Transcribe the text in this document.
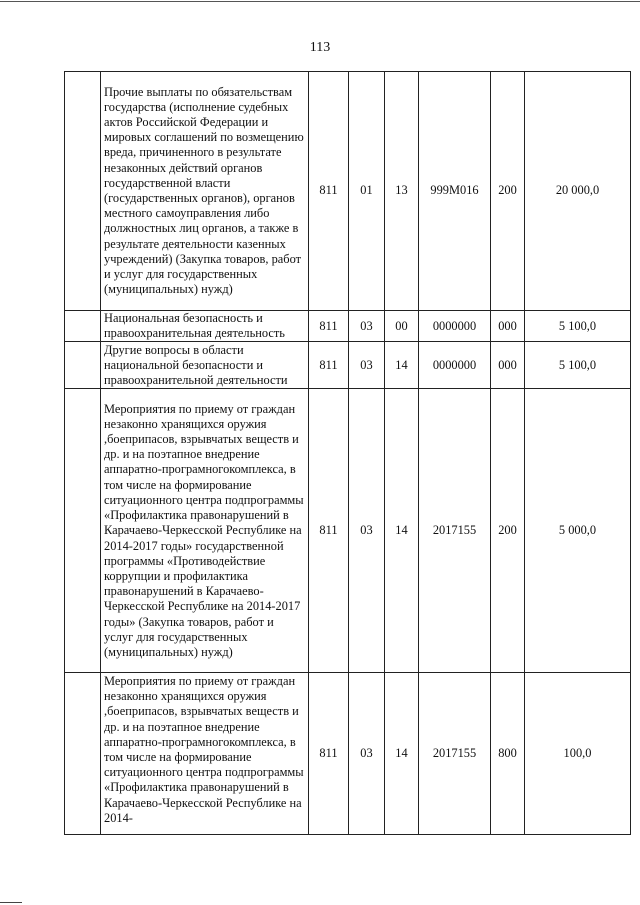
113
	Прочие выплаты по обязательствам государства (исполнение судебных актов Российской Федерации и мировых соглашений по возмещению вреда, причиненного в результате незаконных действий органов государственной власти (государственных органов), органов местного самоуправления либо должностных лиц органов, а также в результате деятельности казенных учреждений) (Закупка товаров, работ и услуг для государственных (муниципальных) нужд)	811	01	13	999М016	200	20 000,0
	Национальная безопасность и правоохранительная деятельность	811	03	00	0000000	000	5 100,0
	Другие вопросы в области национальной безопасности и правоохранительной деятельности	811	03	14	0000000	000	5 100,0
	Мероприятия по приему от граждан незаконно хранящихся оружия ,боеприпасов, взрывчатых веществ и др. и на поэтапное внедрение аппаратно-програмногокомплекса, в том числе на формирование ситуационного центра подпрограммы «Профилактика правонарушений в Карачаево-Черкесской Республике на 2014-2017 годы» государственной программы «Противодействие коррупции и профилактика правонарушений в Карачаево-Черкесской Республике на 2014-2017 годы» (Закупка товаров, работ и услуг для государственных (муниципальных) нужд)	811	03	14	2017155	200	5 000,0

	Мероприятия по приему от граждан незаконно хранящихся оружия ,боеприпасов, взрывчатых веществ и др. и на поэтапное внедрение аппаратно-програмногокомплекса, в том числе на формирование ситуационного центра подпрограммы «Профилактика правонарушений в Карачаево-Черкесской Республике на 2014-	811	03	14	2017155	800	100,0
